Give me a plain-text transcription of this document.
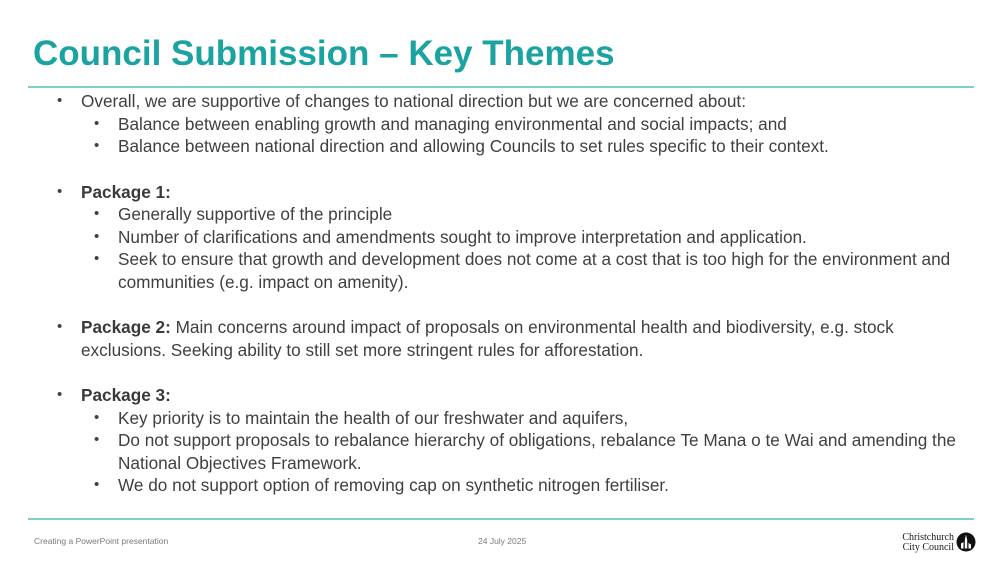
Council Submission – Key Themes
• Overall, we are supportive of changes to national direction but we are concerned about:
• Balance between enabling growth and managing environmental and social impacts; and
• Balance between national direction and allowing Councils to set rules specific to their context.
• Package 1:
• Generally supportive of the principle
• Number of clarifications and amendments sought to improve interpretation and application.
• Seek to ensure that growth and development does not come at a cost that is too high for the environment and communities (e.g. impact on amenity).
• Package 2: Main concerns around impact of proposals on environmental health and biodiversity, e.g. stock exclusions. Seeking ability to still set more stringent rules for afforestation.
• Package 3:
• Key priority is to maintain the health of our freshwater and aquifers,
• Do not support proposals to rebalance hierarchy of obligations, rebalance Te Mana o te Wai and amending the National Objectives Framework.
• We do not support option of removing cap on synthetic nitrogen fertiliser.
Creating a PowerPoint presentation	24 July 2025	Christchurch
City Council
